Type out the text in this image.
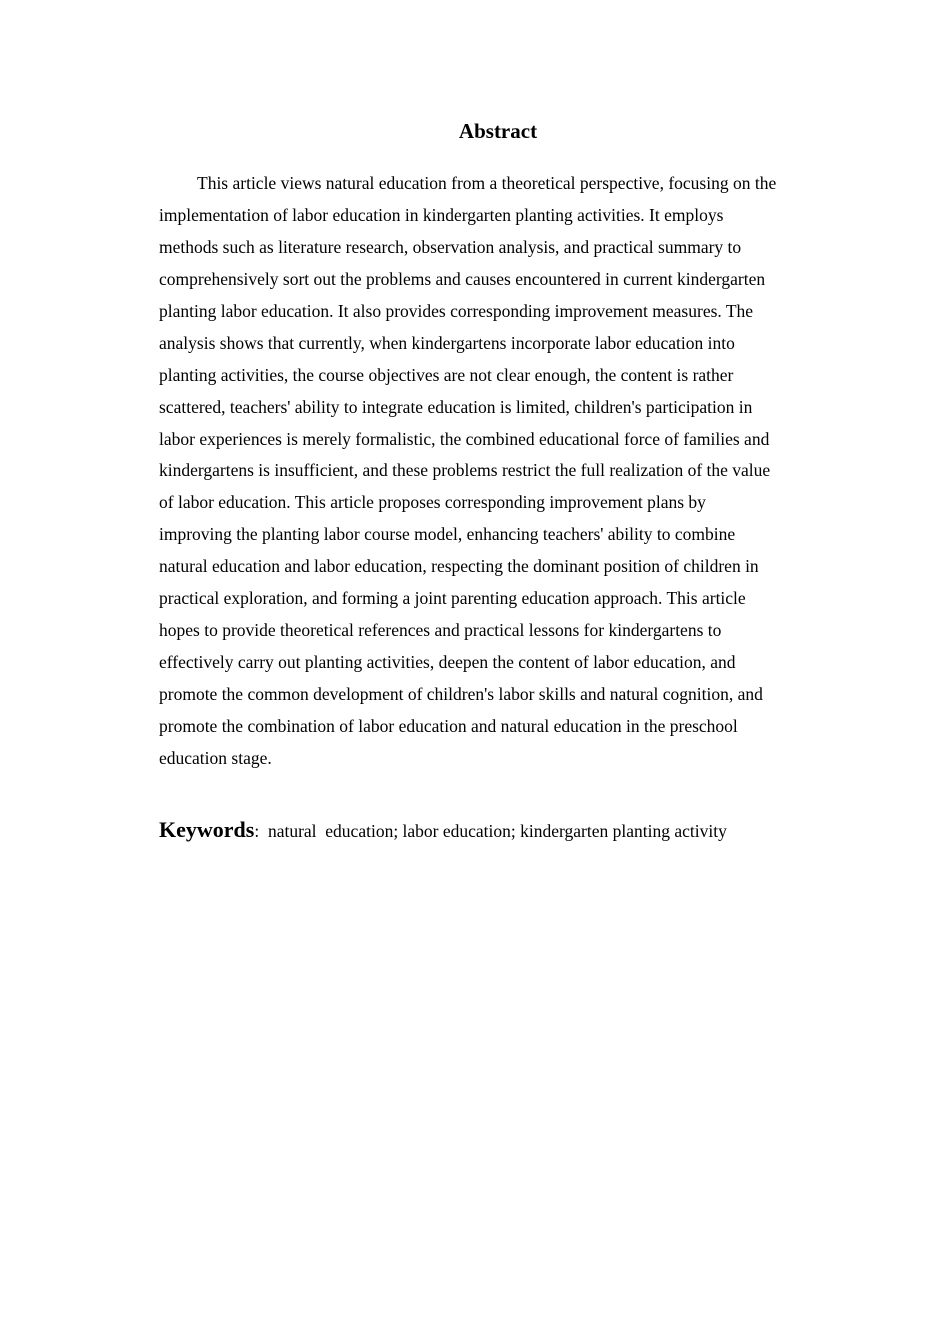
Abstract
This article views natural education from a theoretical perspective, focusing on the
implementation of labor education in kindergarten planting activities. It employs
methods such as literature research, observation analysis, and practical summary to
comprehensively sort out the problems and causes encountered in current kindergarten
planting labor education. It also provides corresponding improvement measures. The
analysis shows that currently, when kindergartens incorporate labor education into
planting activities, the course objectives are not clear enough, the content is rather
scattered, teachers' ability to integrate education is limited, children's participation in
labor experiences is merely formalistic, the combined educational force of families and
kindergartens is insufficient, and these problems restrict the full realization of the value
of labor education. This article proposes corresponding improvement plans by
improving the planting labor course model, enhancing teachers' ability to combine
natural education and labor education, respecting the dominant position of children in
practical exploration, and forming a joint parenting education approach. This article
hopes to provide theoretical references and practical lessons for kindergartens to
effectively carry out planting activities, deepen the content of labor education, and
promote the common development of children's labor skills and natural cognition, and
promote the combination of labor education and natural education in the preschool
education stage.

Keywords:  natural  education; labor education; kindergarten planting activity
